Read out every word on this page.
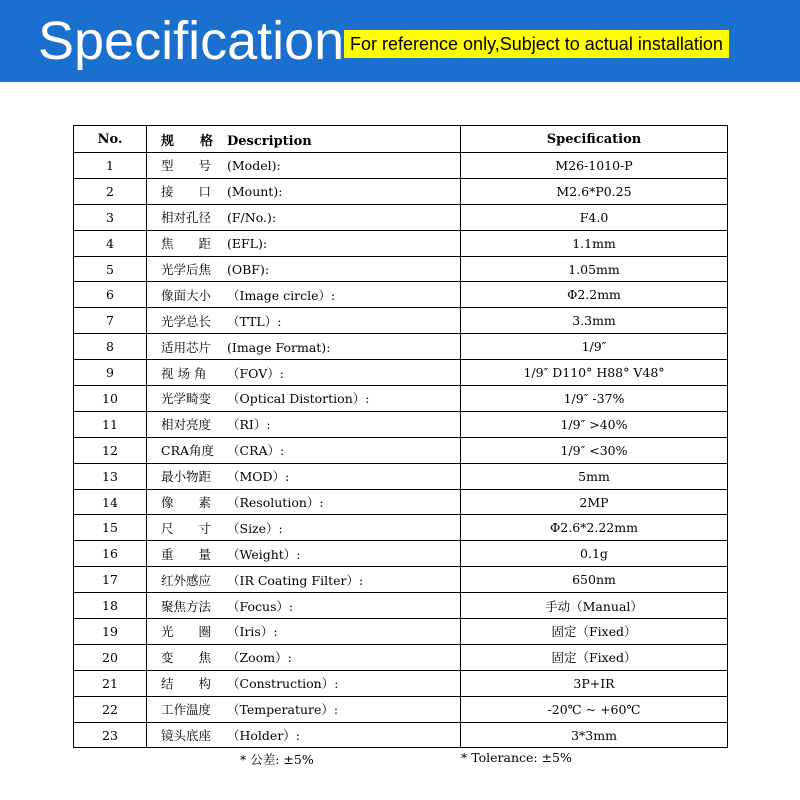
Specification For reference only,Subject to actual installation
No.	规　　格 Description	Specification
1	型　　号 (Model):	M26-1010-P
2	接　　口 (Mount):	M2.6*P0.25
3	相对孔径 (F/No.):	F4.0
4	焦　　距 (EFL):	1.1mm
5	光学后焦 (OBF):	1.05mm
6	像面大小 （Image circle）:	Φ2.2mm
7	光学总长 （TTL）:	3.3mm
8	适用芯片 (Image Format):	1/9″
9	视 场 角 （FOV）:	1/9″ D110° H88° V48°
10	光学畸变 （Optical Distortion）:	1/9″ -37%
11	相对亮度 （RI）:	1/9″ >40%
12	CRA角度 （CRA）:	1/9″ <30%
13	最小物距 （MOD）:	5mm
14	像　　素 （Resolution）:	2MP
15	尺　　寸 （Size）:	Φ2.6*2.22mm
16	重　　量 （Weight）:	0.1g
17	红外感应 （IR Coating Filter）:	650nm
18	聚焦方法 （Focus）:	手动（Manual）
19	光　　圈 （Iris）:	固定（Fixed）
20	变　　焦 （Zoom）:	固定（Fixed）
21	结　　构 （Construction）:	3P+IR
22	工作温度 （Temperature）:	-20℃ ~ +60℃
23	镜头底座 （Holder）:	3*3mm
* 公差: ±5%	* Tolerance: ±5%
